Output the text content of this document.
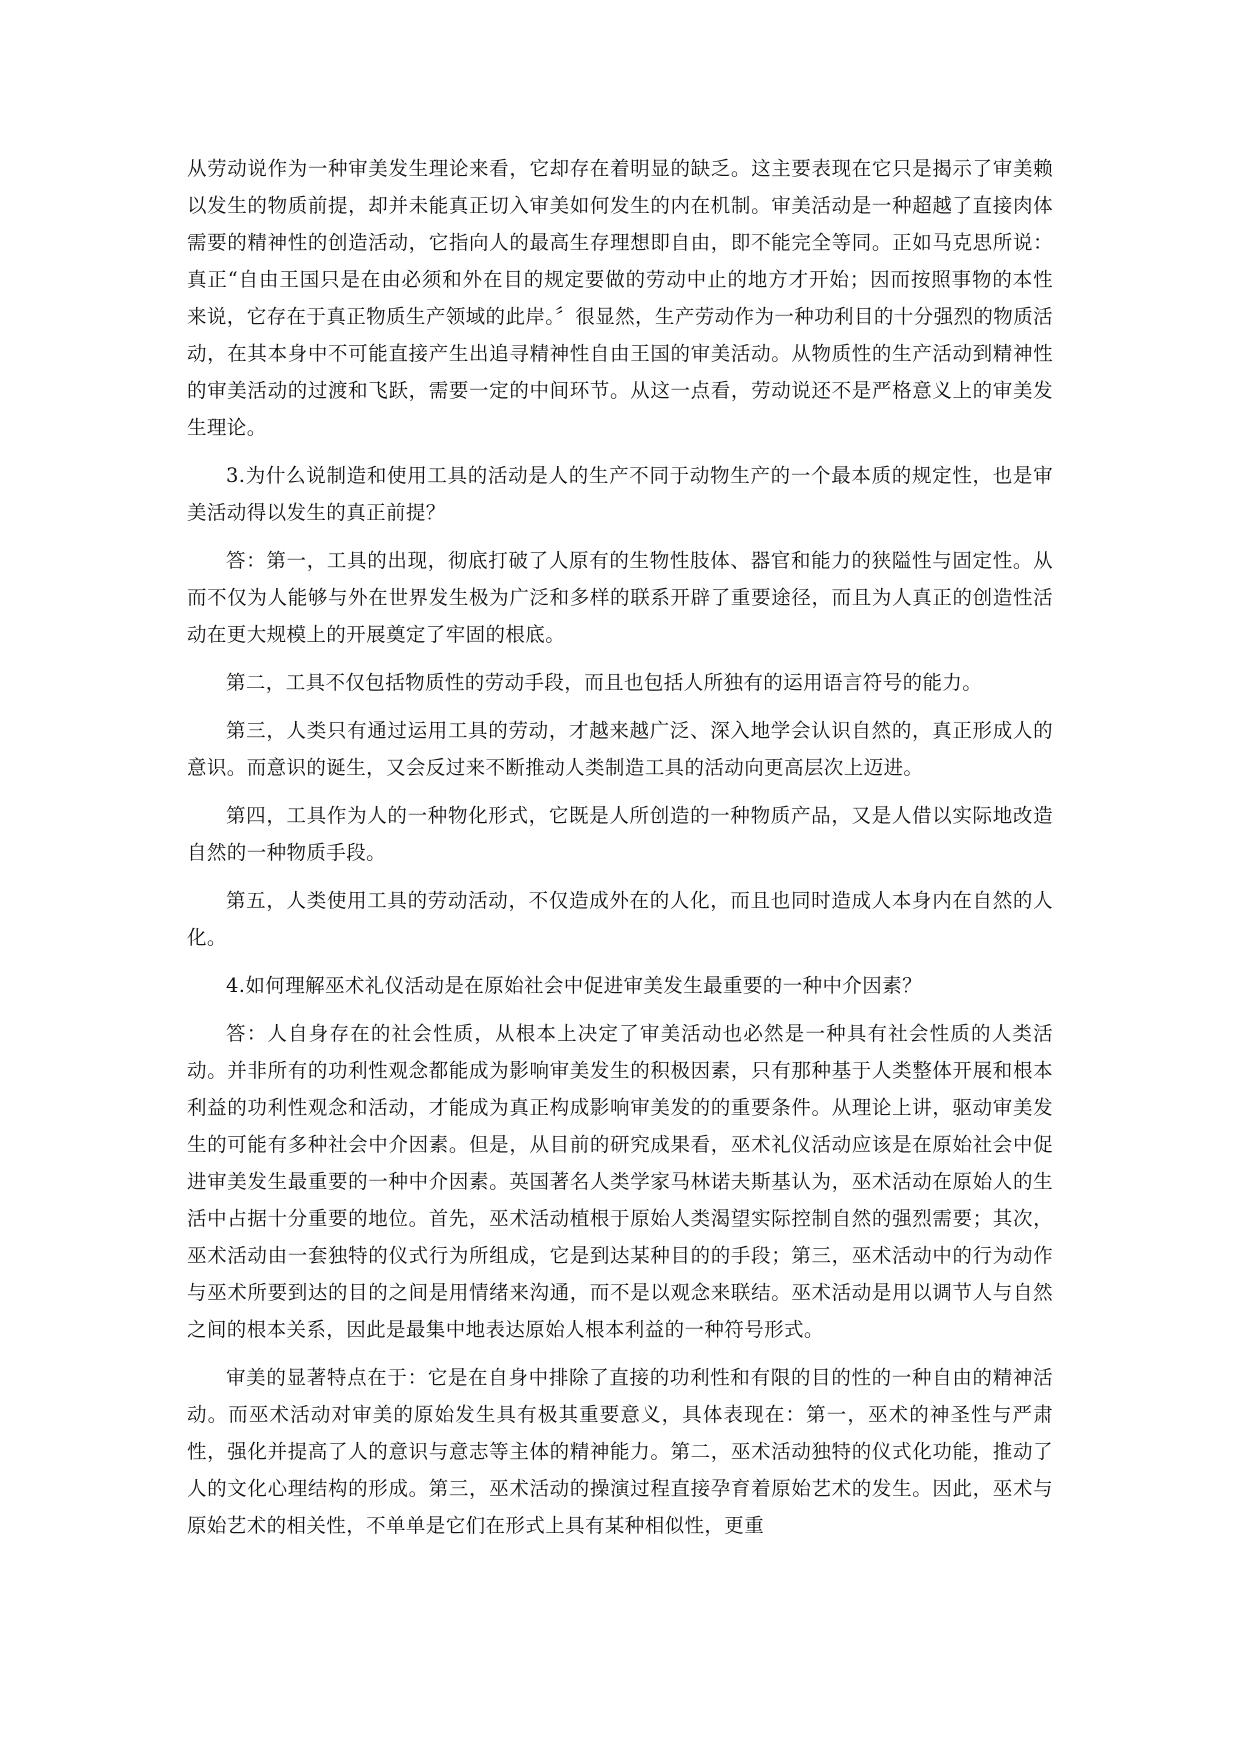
从劳动说作为一种审美发生理论来看，它却存在着明显的缺乏。这主要表现在它只是揭示了审美赖以发生的物质前提，却并未能真正切入审美如何发生的内在机制。审美活动是一种超越了直接肉体需要的精神性的创造活动，它指向人的最高生存理想即自由，即不能完全等同。正如马克思所说：真正“自由王国只是在由必须和外在目的规定要做的劳动中止的地方才开始；因而按照事物的本性来说，它存在于真正物质生产领域的此岸。〞很显然，生产劳动作为一种功利目的十分强烈的物质活动，在其本身中不可能直接产生出追寻精神性自由王国的审美活动。从物质性的生产活动到精神性的审美活动的过渡和飞跃，需要一定的中间环节。从这一点看，劳动说还不是严格意义上的审美发生理论。

3.为什么说制造和使用工具的活动是人的生产不同于动物生产的一个最本质的规定性，也是审美活动得以发生的真正前提？

答：第一，工具的出现，彻底打破了人原有的生物性肢体、器官和能力的狭隘性与固定性。从而不仅为人能够与外在世界发生极为广泛和多样的联系开辟了重要途径，而且为人真正的创造性活动在更大规模上的开展奠定了牢固的根底。

第二，工具不仅包括物质性的劳动手段，而且也包括人所独有的运用语言符号的能力。

第三，人类只有通过运用工具的劳动，才越来越广泛、深入地学会认识自然的，真正形成人的意识。而意识的诞生，又会反过来不断推动人类制造工具的活动向更高层次上迈进。

第四，工具作为人的一种物化形式，它既是人所创造的一种物质产品，又是人借以实际地改造自然的一种物质手段。

第五，人类使用工具的劳动活动，不仅造成外在的人化，而且也同时造成人本身内在自然的人化。

4.如何理解巫术礼仪活动是在原始社会中促进审美发生最重要的一种中介因素？

答：人自身存在的社会性质，从根本上决定了审美活动也必然是一种具有社会性质的人类活动。并非所有的功利性观念都能成为影响审美发生的积极因素，只有那种基于人类整体开展和根本利益的功利性观念和活动，才能成为真正构成影响审美发的的重要条件。从理论上讲，驱动审美发生的可能有多种社会中介因素。但是，从目前的研究成果看，巫术礼仪活动应该是在原始社会中促进审美发生最重要的一种中介因素。英国著名人类学家马林诺夫斯基认为，巫术活动在原始人的生活中占据十分重要的地位。首先，巫术活动植根于原始人类渴望实际控制自然的强烈需要；其次，巫术活动由一套独特的仪式行为所组成，它是到达某种目的的手段；第三，巫术活动中的行为动作与巫术所要到达的目的之间是用情绪来沟通，而不是以观念来联结。巫术活动是用以调节人与自然之间的根本关系，因此是最集中地表达原始人根本利益的一种符号形式。

审美的显著特点在于：它是在自身中排除了直接的功利性和有限的目的性的一种自由的精神活动。而巫术活动对审美的原始发生具有极其重要意义，具体表现在：第一，巫术的神圣性与严肃性，强化并提高了人的意识与意志等主体的精神能力。第二，巫术活动独特的仪式化功能，推动了人的文化心理结构的形成。第三，巫术活动的操演过程直接孕育着原始艺术的发生。因此，巫术与原始艺术的相关性，不单单是它们在形式上具有某种相似性，更重
